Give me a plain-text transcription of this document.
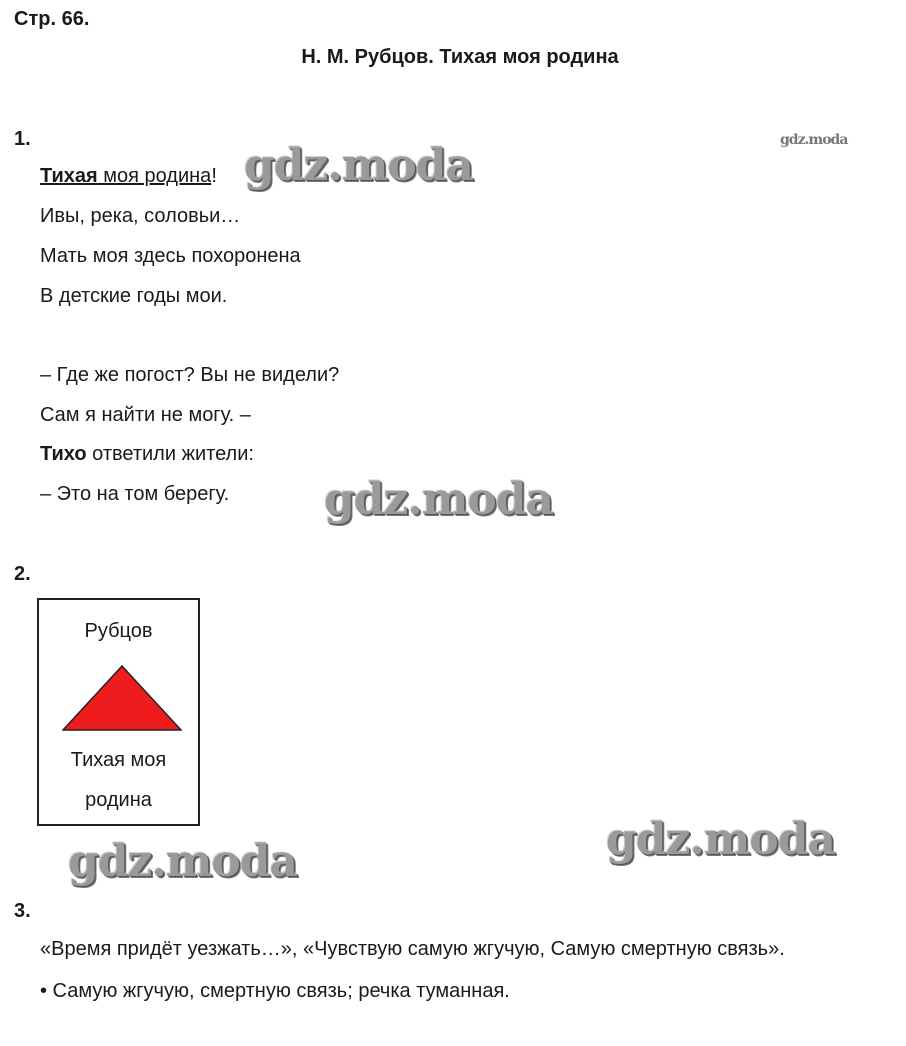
Стр. 66.
Н. М. Рубцов. Тихая моя родина
1.	gdz.moda
Тихая моя родина! gdz.moda
Ивы, река, соловьи…
Мать моя здесь похоронена
В детские годы мои.
– Где же погост? Вы не видели?
Сам я найти не могу. –
Тихо ответили жители:
– Это на том берегу. gdz.moda
2.
Рубцов
Тихая моя родина
gdz.moda
gdz.moda
3.
«Время придёт уезжать…», «Чувствую самую жгучую, Самую смертную связь».
• Самую жгучую, смертную связь; речка туманная.
